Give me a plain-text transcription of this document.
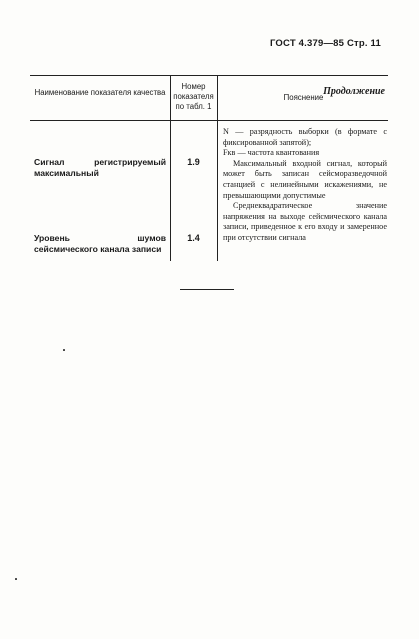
ГОСТ 4.379—85 Стр. 11
Продолжение
Наименование показателя качества
Номер показателя по табл. 1
Пояснение

N — разрядность выборки (в формате с фиксированной запятой);

Fкв — частота квантования

Максимальный входной сигнал, который может быть записан сейсморазведочной станцией с нелинейными искажениями, не превышающими допустимые

Среднеквадратическое значение напряжения на выходе сейсмического канала записи, приведенное к его входу и замеренное при отсутствии сигнала

Сигнал регистрируемый максимальный
1.9
Уровень шумов сейсмического канала записи
1.4
